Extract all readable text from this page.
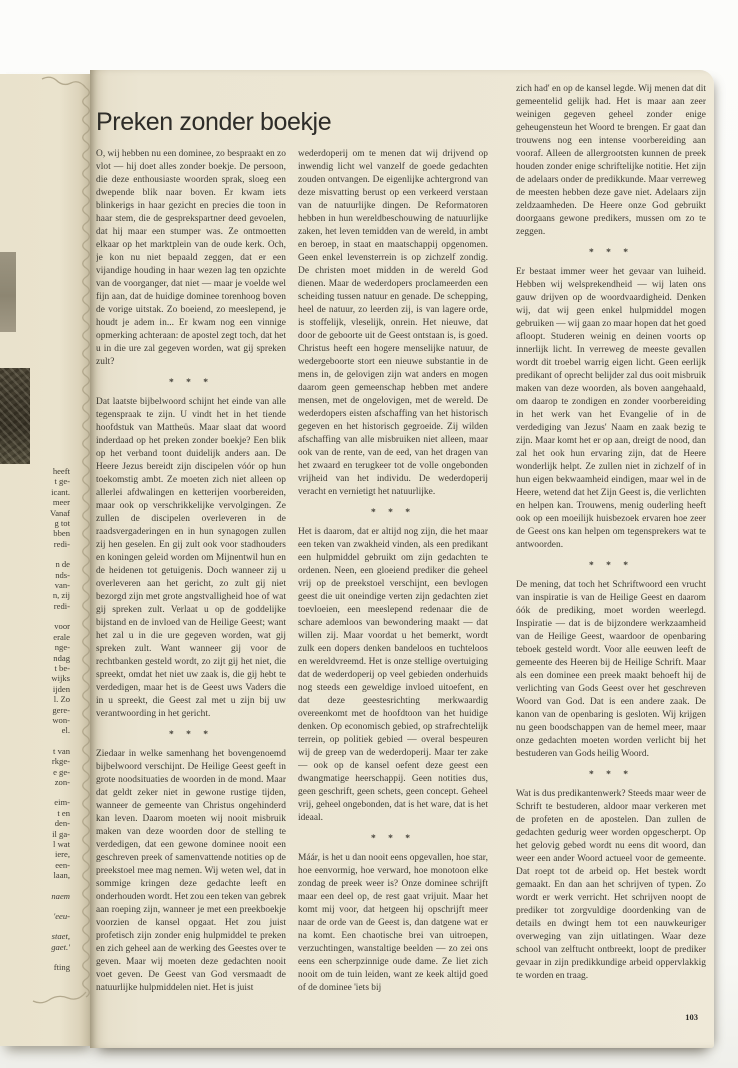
heeft
t ge-
icant.
meer
Vanaf
g tot
bben
redi-
n de
nds-
van-
n, zij
redi-
voor
erale
nge-
ndag
t be-
wijks
ijden
l. Zo
gere-
won-
el.
t van
rkge-
e ge-
zon-
eim-
t en
den-
il ga-
l wat
iere,
een-
laan,
naem
'eeu-
staet,
gaet.'
fting
Preken zonder boekje

O, wij hebben nu een dominee, zo bespraakt en zo vlot — hij doet alles zonder boekje. De persoon, die deze enthousiaste woorden sprak, sloeg een dwepende blik naar boven. Er kwam iets blinkerigs in haar gezicht en precies die toon in haar stem, die de gesprekspartner deed gevoelen, dat hij maar een stumper was. Ze ontmoetten elkaar op het marktplein van de oude kerk. Och, je kon nu niet bepaald zeggen, dat er een vijandige houding in haar wezen lag ten opzichte van de voorganger, dat niet — maar je voelde wel fijn aan, dat de huidige dominee torenhoog boven de vorige uitstak. Zo boeiend, zo meeslepend, je houdt je adem in... Er kwam nog een vinnige opmerking achteraan: de apostel zegt toch, dat het u in die ure zal gegeven worden, wat gij spreken zult?

* * *

Dat laatste bijbelwoord schijnt het einde van alle tegenspraak te zijn. U vindt het in het tiende hoofdstuk van Mattheüs. Maar slaat dat woord inderdaad op het preken zonder boekje? Een blik op het verband toont duidelijk anders aan. De Heere Jezus bereidt zijn discipelen vóór op hun toekomstig ambt. Ze moeten zich niet alleen op allerlei afdwalingen en ketterijen voorbereiden, maar ook op verschrikkelijke vervolgingen. Ze zullen de discipelen overleveren in de raadsvergaderingen en in hun synagogen zullen zij hen geselen. En gij zult ook voor stadhouders en koningen geleid worden om Mijnentwil hun en de heidenen tot getuigenis. Doch wanneer zij u overleveren aan het gericht, zo zult gij niet bezorgd zijn met grote angstvalligheid hoe of wat gij spreken zult. Verlaat u op de goddelijke bijstand en de invloed van de Heilige Geest; want het zal u in die ure gegeven worden, wat gij spreken zult. Want wanneer gij voor de rechtbanken gesteld wordt, zo zijt gij het niet, die spreekt, omdat het niet uw zaak is, die gij hebt te verdedigen, maar het is de Geest uws Vaders die in u spreekt, die Geest zal met u zijn bij uw verantwoording in het gericht.

* * *

Ziedaar in welke samenhang het bovengenoemd bijbelwoord verschijnt. De Heilige Geest geeft in grote noodsituaties de woorden in de mond. Maar dat geldt zeker niet in gewone rustige tijden, wanneer de gemeente van Christus ongehinderd kan leven. Daarom moeten wij nooit misbruik maken van deze woorden door de stelling te verdedigen, dat een gewone dominee nooit een geschreven preek of samenvattende notities op de preekstoel mee mag nemen. Wij weten wel, dat in sommige kringen deze gedachte leeft en onderhouden wordt. Het zou een teken van gebrek aan roeping zijn, wanneer je met een preekboekje voorzien de kansel opgaat. Het zou juist profetisch zijn zonder enig hulpmiddel te preken en zich geheel aan de werking des Geestes over te geven. Maar wij moeten deze gedachten nooit voet geven. De Geest van God versmaadt de natuurlijke hulpmiddelen niet. Het is juist

wederdoperij om te menen dat wij drijvend op inwendig licht wel vanzelf de goede gedachten zouden ontvangen. De eigenlijke achtergrond van deze misvatting berust op een verkeerd verstaan van de natuurlijke dingen. De Reformatoren hebben in hun wereldbeschouwing de natuurlijke zaken, het leven temidden van de wereld, in ambt en beroep, in staat en maatschappij opgenomen. Geen enkel levensterrein is op zichzelf zondig. De christen moet midden in de wereld God dienen. Maar de wederdopers proclameerden een scheiding tussen natuur en genade. De schepping, heel de natuur, zo leerden zij, is van lagere orde, is stoffelijk, vleselijk, onrein. Het nieuwe, dat door de geboorte uit de Geest ontstaan is, is goed. Christus heeft een hogere menselijke natuur, de wedergeboorte stort een nieuwe substantie in de mens in, de gelovigen zijn wat anders en mogen daarom geen gemeenschap hebben met andere mensen, met de ongelovigen, met de wereld. De wederdopers eisten afschaffing van het historisch gegeven en het historisch gegroeide. Zij wilden afschaffing van alle misbruiken niet alleen, maar ook van de rente, van de eed, van het dragen van het zwaard en terugkeer tot de volle ongebonden vrijheid van het individu. De wederdoperij veracht en vernietigt het natuurlijke.

* * *

Het is daarom, dat er altijd nog zijn, die het maar een teken van zwakheid vinden, als een predikant een hulpmiddel gebruikt om zijn gedachten te ordenen. Neen, een gloeiend prediker die geheel vrij op de preekstoel verschijnt, een bevlogen geest die uit oneindige verten zijn gedachten ziet toevloeien, een meeslepend redenaar die de schare ademloos van bewondering maakt — dat willen zij. Maar voordat u het bemerkt, wordt zulk een dopers denken bandeloos en tuchteloos en wereldvreemd. Het is onze stellige overtuiging dat de wederdoperij op veel gebieden onderhuids nog steeds een geweldige invloed uitoefent, en dat deze geestesrichting merkwaardig overeenkomt met de hoofdtoon van het huidige denken. Op economisch gebied, op strafrechtelijk terrein, op politiek gebied — overal bespeuren wij de greep van de wederdoperij. Maar ter zake — ook op de kansel oefent deze geest een dwangmatige heerschappij. Geen notities dus, geen geschrift, geen schets, geen concept. Geheel vrij, geheel ongebonden, dat is het ware, dat is het ideaal.

* * *

Máár, is het u dan nooit eens opgevallen, hoe star, hoe eenvormig, hoe verward, hoe monotoon elke zondag de preek weer is? Onze dominee schrijft maar een deel op, de rest gaat vrijuit. Maar het komt mij voor, dat hetgeen hij opschrijft meer naar de orde van de Geest is, dan datgene wat er na komt. Een chaotische brei van uitroepen, verzuchtingen, wanstaltige beelden — zo zei ons eens een scherpzinnige oude dame. Ze liet zich nooit om de tuin leiden, want ze keek altijd goed of de dominee 'iets bij

zich had' en op de kansel legde. Wij menen dat dit gemeentelid gelijk had. Het is maar aan zeer weinigen gegeven geheel zonder enige geheugensteun het Woord te brengen. Er gaat dan trouwens nog een intense voorbereiding aan vooraf. Alleen de allergrootsten kunnen de preek houden zonder enige schriftelijke notitie. Het zijn de adelaars onder de predikkunde. Maar verreweg de meesten hebben deze gave niet. Adelaars zijn zeldzaamheden. De Heere onze God gebruikt doorgaans gewone predikers, mussen om zo te zeggen.

* * *

Er bestaat immer weer het gevaar van luiheid. Hebben wij welsprekendheid — wij laten ons gauw drijven op de woordvaardigheid. Denken wij, dat wij geen enkel hulpmiddel mogen gebruiken — wij gaan zo maar hopen dat het goed afloopt. Studeren weinig en deinen voorts op innerlijk licht. In verreweg de meeste gevallen wordt dit troebel warrig eigen licht. Geen eerlijk predikant of oprecht belijder zal dus ooit misbruik maken van deze woorden, als boven aangehaald, om daarop te zondigen en zonder voorbereiding in het werk van het Evangelie of in de verdediging van Jezus' Naam en zaak bezig te zijn. Maar komt het er op aan, dreigt de nood, dan zal het ook hun ervaring zijn, dat de Heere wonderlijk helpt. Ze zullen niet in zichzelf of in hun eigen bekwaamheid eindigen, maar wel in de Heere, wetend dat het Zijn Geest is, die verlichten en helpen kan. Trouwens, menig ouderling heeft ook op een moeilijk huisbezoek ervaren hoe zeer de Geest ons kan helpen om tegensprekers wat te antwoorden.

* * *

De mening, dat toch het Schriftwoord een vrucht van inspiratie is van de Heilige Geest en daarom óók de prediking, moet worden weerlegd. Inspiratie — dat is de bijzondere werkzaamheid van de Heilige Geest, waardoor de openbaring teboek gesteld wordt. Voor alle eeuwen leeft de gemeente des Heeren bij de Heilige Schrift. Maar als een dominee een preek maakt behoeft hij de verlichting van Gods Geest over het geschreven Woord van God. Dat is een andere zaak. De kanon van de openbaring is gesloten. Wij krijgen nu geen boodschappen van de hemel meer, maar onze gedachten moeten worden verlicht bij het bestuderen van Gods heilig Woord.

* * *

Wat is dus predikantenwerk? Steeds maar weer de Schrift te bestuderen, aldoor maar verkeren met de profeten en de apostelen. Dan zullen de gedachten gedurig weer worden opgescherpt. Op het gelovig gebed wordt nu eens dit woord, dan weer een ander Woord actueel voor de gemeente. Dat roept tot de arbeid op. Het bestek wordt gemaakt. En dan aan het schrijven of typen. Zo wordt er werk verricht. Het schrijven noopt de prediker tot zorgvuldige doordenking van de details en dwingt hem tot een nauwkeuriger overweging van zijn uitlatingen. Waar deze school van zelftucht ontbreekt, loopt de prediker gevaar in zijn predikkundige arbeid oppervlakkig te worden en traag.

103
